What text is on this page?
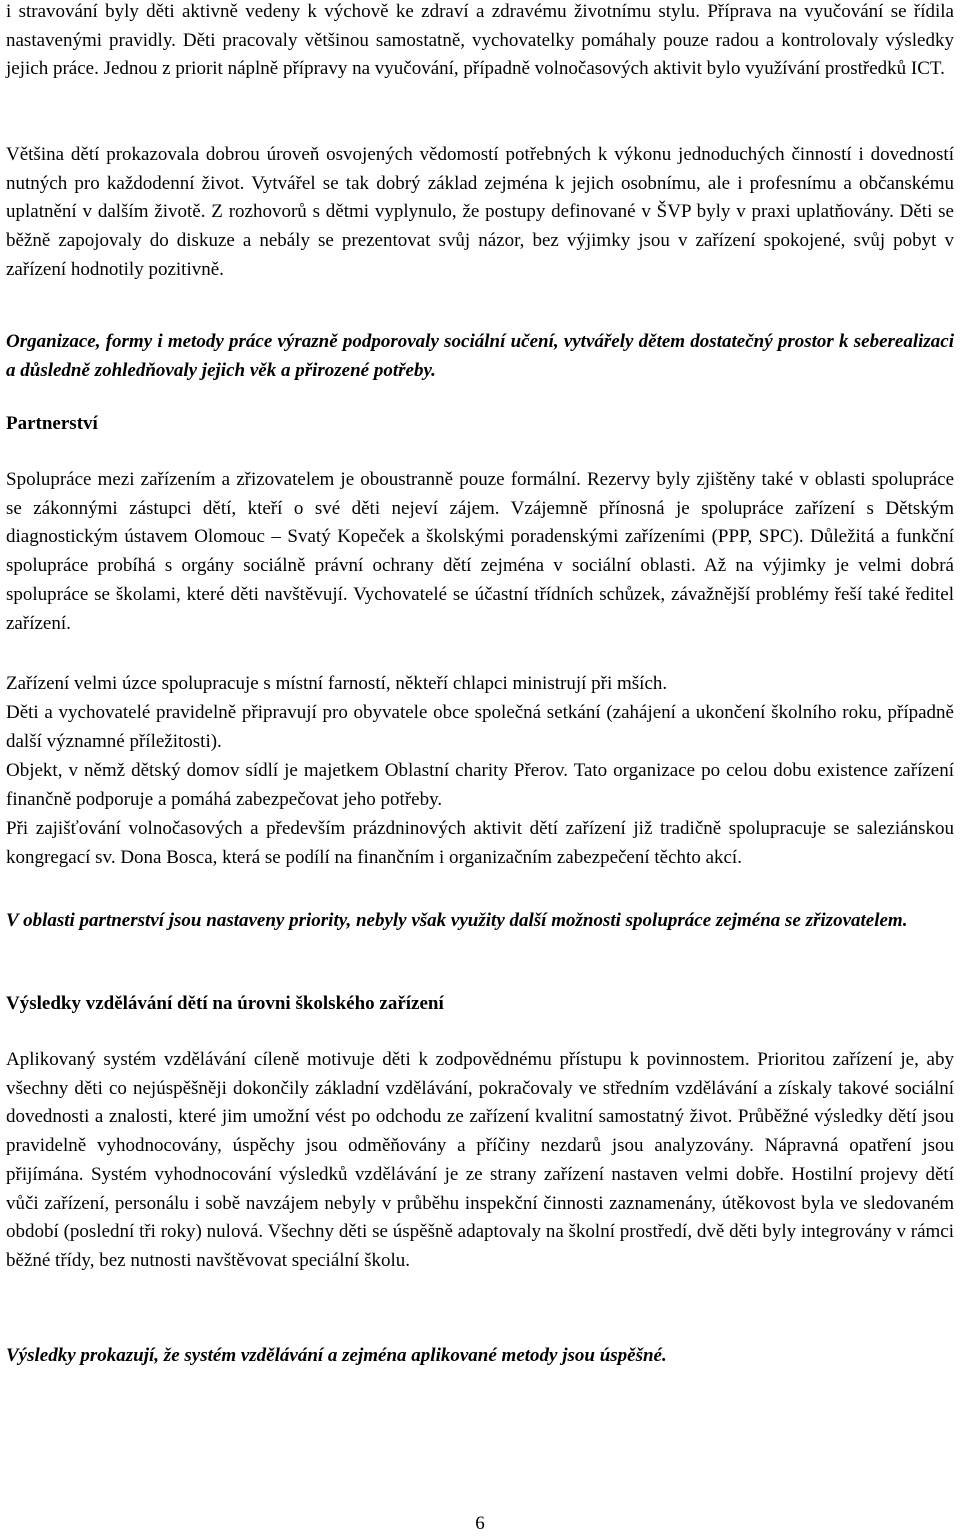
i stravování byly děti aktivně vedeny k výchově ke zdraví a zdravému životnímu stylu. Příprava na vyučování se řídila nastavenými pravidly. Děti pracovaly většinou samostatně, vychovatelky pomáhaly pouze radou a kontrolovaly výsledky jejich práce. Jednou z priorit náplně přípravy na vyučování, případně volnočasových aktivit bylo využívání prostředků ICT.

Většina dětí prokazovala dobrou úroveň osvojených vědomostí potřebných k výkonu jednoduchých činností i dovedností nutných pro každodenní život. Vytvářel se tak dobrý základ zejména k jejich osobnímu, ale i profesnímu a občanskému uplatnění v dalším životě. Z rozhovorů s dětmi vyplynulo, že postupy definované v ŠVP byly v praxi uplatňovány. Děti se běžně zapojovaly do diskuze a nebály se prezentovat svůj názor, bez výjimky jsou v zařízení spokojené, svůj pobyt v zařízení hodnotily pozitivně.

Organizace, formy i metody práce výrazně podporovaly sociální učení, vytvářely dětem dostatečný prostor k seberealizaci a důsledně zohledňovaly jejich věk a přirozené potřeby.

Partnerství

Spolupráce mezi zařízením a zřizovatelem je oboustranně pouze formální. Rezervy byly zjištěny také v oblasti spolupráce se zákonnými zástupci dětí, kteří o své děti nejeví zájem. Vzájemně přínosná je spolupráce zařízení s Dětským diagnostickým ústavem Olomouc – Svatý Kopeček a školskými poradenskými zařízeními (PPP, SPC). Důležitá a funkční spolupráce probíhá s orgány sociálně právní ochrany dětí zejména v sociální oblasti. Až na výjimky je velmi dobrá spolupráce se školami, které děti navštěvují. Vychovatelé se účastní třídních schůzek, závažnější problémy řeší také ředitel zařízení.

Zařízení velmi úzce spolupracuje s místní farností, někteří chlapci ministrují při mších.

Děti a vychovatelé pravidelně připravují pro obyvatele obce společná setkání (zahájení a ukončení školního roku, případně další významné příležitosti).

Objekt, v němž dětský domov sídlí je majetkem Oblastní charity Přerov. Tato organizace po celou dobu existence zařízení finančně podporuje a pomáhá zabezpečovat jeho potřeby.

Při zajišťování volnočasových a především prázdninových aktivit dětí zařízení již tradičně spolupracuje se saleziánskou kongregací sv. Dona Bosca, která se podílí na finančním i organizačním zabezpečení těchto akcí.

V oblasti partnerství jsou nastaveny priority, nebyly však využity další možnosti spolupráce zejména se zřizovatelem.

Výsledky vzdělávání dětí na úrovni školského zařízení

Aplikovaný systém vzdělávání cíleně motivuje děti k zodpovědnému přístupu k povinnostem. Prioritou zařízení je, aby všechny děti co nejúspěšněji dokončily základní vzdělávání, pokračovaly ve středním vzdělávání a získaly takové sociální dovednosti a znalosti, které jim umožní vést po odchodu ze zařízení kvalitní samostatný život. Průběžné výsledky dětí jsou pravidelně vyhodnocovány, úspěchy jsou odměňovány a příčiny nezdarů jsou analyzovány. Nápravná opatření jsou přijímána. Systém vyhodnocování výsledků vzdělávání je ze strany zařízení nastaven velmi dobře. Hostilní projevy dětí vůči zařízení, personálu i sobě navzájem nebyly v průběhu inspekční činnosti zaznamenány, útěkovost byla ve sledovaném období (poslední tři roky) nulová. Všechny děti se úspěšně adaptovaly na školní prostředí, dvě děti byly integrovány v rámci běžné třídy, bez nutnosti navštěvovat speciální školu.

Výsledky prokazují, že systém vzdělávání a zejména aplikované metody jsou úspěšné.

6
